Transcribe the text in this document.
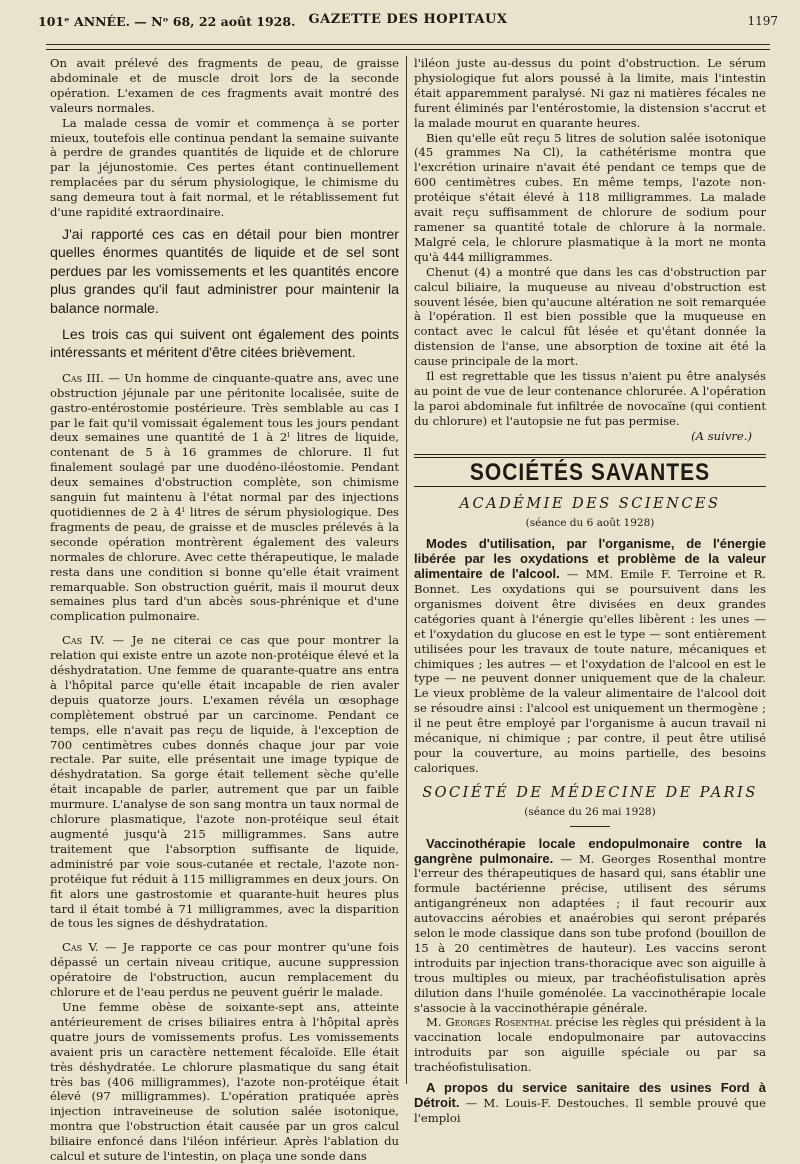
101ᵉ ANNÉE. — Nᵒ 68, 22 août 1928.	GAZETTE DES HOPITAUX	1197

On avait prélevé des fragments de peau, de graisse abdominale et de muscle droit lors de la seconde opération. L'examen de ces fragments avait montré des valeurs normales.

La malade cessa de vomir et commença à se porter mieux, toutefois elle continua pendant la semaine suivante à perdre de grandes quantités de liquide et de chlorure par la jéjunostomie. Ces pertes étant continuellement remplacées par du sérum physiologique, le chimisme du sang demeura tout à fait normal, et le rétablissement fut d'une rapidité extraordinaire.

J'ai rapporté ces cas en détail pour bien montrer quelles énormes quantités de liquide et de sel sont perdues par les vomissements et les quantités encore plus grandes qu'il faut administrer pour maintenir la balance normale.

Les trois cas qui suivent ont également des points intéressants et méritent d'être citées brièvement.

Cas III. — Un homme de cinquante-quatre ans, avec une obstruction jéjunale par une péritonite localisée, suite de gastro-entérostomie postérieure. Très semblable au cas I par le fait qu'il vomissait également tous les jours pendant deux semaines une quantité de 1 à 2ˡ litres de liquide, contenant de 5 à 16 grammes de chlorure. Il fut finalement soulagé par une duodéno-iléostomie. Pendant deux semaines d'obstruction complète, son chimisme sanguin fut maintenu à l'état normal par des injections quotidiennes de 2 à 4ˡ litres de sérum physiologique. Des fragments de peau, de graisse et de muscles prélevés à la seconde opération montrèrent également des valeurs normales de chlorure. Avec cette thérapeutique, le malade resta dans une condition si bonne qu'elle était vraiment remarquable. Son obstruction guérit, mais il mourut deux semaines plus tard d'un abcès sous-phrénique et d'une complication pulmonaire.

Cas IV. — Je ne citerai ce cas que pour montrer la relation qui existe entre un azote non-protéique élevé et la déshydratation. Une femme de quarante-quatre ans entra à l'hôpital parce qu'elle était incapable de rien avaler depuis quatorze jours. L'examen révéla un œsophage complètement obstrué par un carcinome. Pendant ce temps, elle n'avait pas reçu de liquide, à l'exception de 700 centimètres cubes donnés chaque jour par voie rectale. Par suite, elle présentait une image typique de déshydratation. Sa gorge était tellement sèche qu'elle était incapable de parler, autrement que par un faible murmure. L'analyse de son sang montra un taux normal de chlorure plasmatique, l'azote non-protéique seul était augmenté jusqu'à 215 milligrammes. Sans autre traitement que l'absorption suffisante de liquide, administré par voie sous-cutanée et rectale, l'azote non-protéique fut réduit à 115 milligrammes en deux jours. On fit alors une gastrostomie et quarante-huit heures plus tard il était tombé à 71 milligrammes, avec la disparition de tous les signes de déshydratation.

Cas V. — Je rapporte ce cas pour montrer qu'une fois dépassé un certain niveau critique, aucune suppression opératoire de l'obstruction, aucun remplacement du chlorure et de l'eau perdus ne peuvent guérir le malade.

Une femme obèse de soixante-sept ans, atteinte antérieurement de crises biliaires entra à l'hôpital après quatre jours de vomissements profus. Les vomissements avaient pris un caractère nettement fécaloïde. Elle était très déshydratée. Le chlorure plasmatique du sang était très bas (406 milligrammes), l'azote non-protéique était élevé (97 milligrammes). L'opération pratiquée après injection intraveineuse de solution salée isotonique, montra que l'obstruction était causée par un gros calcul biliaire enfoncé dans l'iléon inférieur. Après l'ablation du calcul et suture de l'intestin, on plaça une sonde dans

l'iléon juste au-dessus du point d'obstruction. Le sérum physiologique fut alors poussé à la limite, mais l'intestin était apparemment paralysé. Ni gaz ni matières fécales ne furent éliminés par l'entérostomie, la distension s'accrut et la malade mourut en quarante heures.

Bien qu'elle eût reçu 5 litres de solution salée isotonique (45 grammes Na Cl), la cathétérisme montra que l'excrétion urinaire n'avait été pendant ce temps que de 600 centimètres cubes. En même temps, l'azote non-protéique s'était élevé à 118 milligrammes. La malade avait reçu suffisamment de chlorure de sodium pour ramener sa quantité totale de chlorure à la normale. Malgré cela, le chlorure plasmatique à la mort ne monta qu'à 444 milligrammes.

Chenut (4) a montré que dans les cas d'obstruction par calcul biliaire, la muqueuse au niveau d'obstruction est souvent lésée, bien qu'aucune altération ne soit remarquée à l'opération. Il est bien possible que la muqueuse en contact avec le calcul fût lésée et qu'étant donnée la distension de l'anse, une absorption de toxine ait été la cause principale de la mort.

Il est regrettable que les tissus n'aient pu être analysés au point de vue de leur contenance chlorurée. A l'opération la paroi abdominale fut infiltrée de novocaïne (qui contient du chlorure) et l'autopsie ne fut pas permise.

(A suivre.)
SOCIÉTÉS SAVANTES
ACADÉMIE DES SCIENCES
(séance du 6 août 1928)

Modes d'utilisation, par l'organisme, de l'énergie libérée par les oxydations et problème de la valeur alimentaire de l'alcool. — MM. Emile F. Terroine et R. Bonnet. Les oxydations qui se poursuivent dans les organismes doivent être divisées en deux grandes catégories quant à l'énergie qu'elles libèrent : les unes — et l'oxydation du glucose en est le type — sont entièrement utilisées pour les travaux de toute nature, mécaniques et chimiques ; les autres — et l'oxydation de l'alcool en est le type — ne peuvent donner uniquement que de la chaleur. Le vieux problème de la valeur alimentaire de l'alcool doit se résoudre ainsi : l'alcool est uniquement un thermogène ; il ne peut être employé par l'organisme à aucun travail ni mécanique, ni chimique ; par contre, il peut être utilisé pour la couverture, au moins partielle, des besoins caloriques.

SOCIÉTÉ DE MÉDECINE DE PARIS
(séance du 26 mai 1928)

Vaccinothérapie locale endopulmonaire contre la gangrène pulmonaire. — M. Georges Rosenthal montre l'erreur des thérapeutiques de hasard qui, sans établir une formule bactérienne précise, utilisent des sérums antigangréneux non adaptées ; il faut recourir aux autovaccins aérobies et anaérobies qui seront préparés selon le mode classique dans son tube profond (bouillon de 15 à 20 centimètres de hauteur). Les vaccins seront introduits par injection trans-thoracique avec son aiguille à trous multiples ou mieux, par trachéofistulisation après dilution dans l'huile goménolée. La vaccinothérapie locale s'associe à la vaccinothérapie générale.

M. Georges Rosenthal précise les règles qui président à la vaccination locale endopulmonaire par autovaccins introduits par son aiguille spéciale ou par sa trachéofistulisation.

A propos du service sanitaire des usines Ford à Détroit. — M. Louis-F. Destouches. Il semble prouvé que l'emploi
